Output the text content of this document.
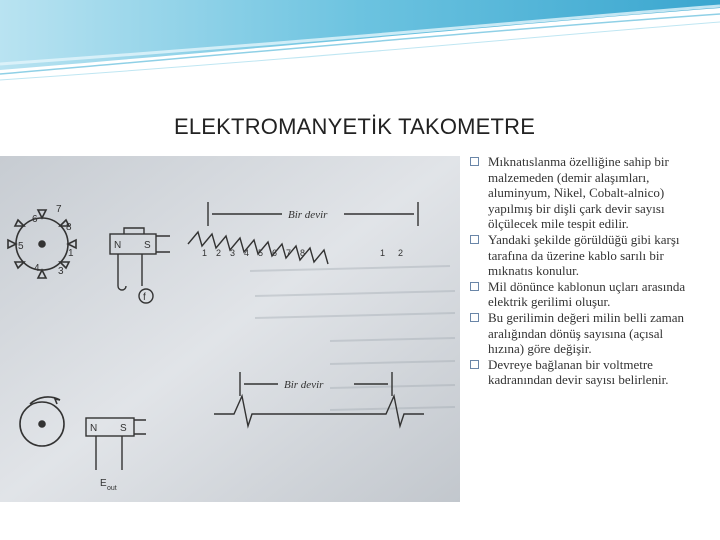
ELEKTROMANYETİK TAKOMETRE
7
6
5
4 3
1
8
N S
f
Bir devir
1 2 3 4 5 6 7 8	1 2
N S
E out
Bir devir
Mıknatıslanma özelliğine sahip bir malzemeden (demir alaşımları, aluminyum, Nikel, Cobalt-alnico) yapılmış bir dişli çark devir sayısı ölçülecek mile tespit edilir.
Yandaki şekilde görüldüğü gibi karşı tarafına da üzerine kablo sarılı bir mıknatıs konulur.
Mil dönünce kablonun uçları arasında elektrik gerilimi oluşur.
Bu gerilimin değeri milin belli zaman aralığından dönüş sayısına (açısal hızına) göre değişir.
Devreye bağlanan bir voltmetre kadranından devir sayısı belirlenir.
